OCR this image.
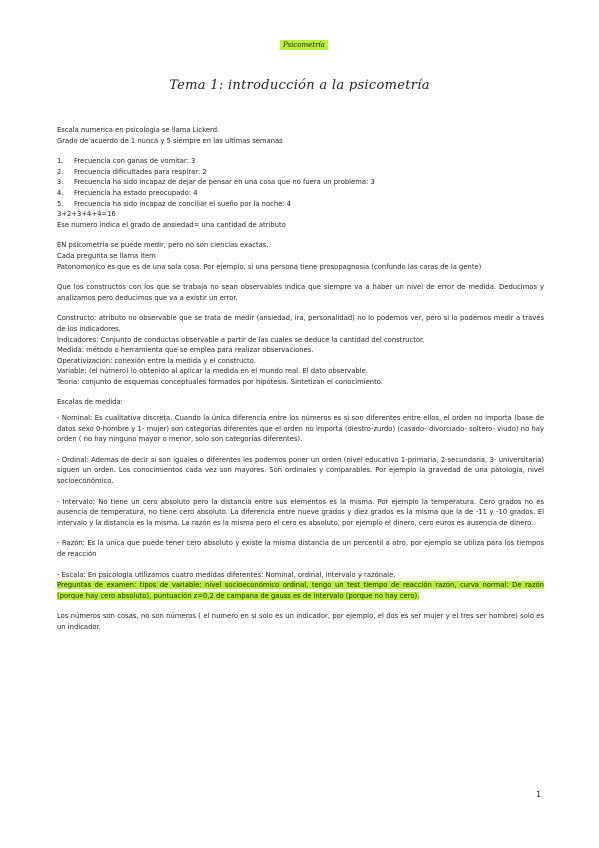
Psicometría
Tema 1: introducción a la psicometría

Escala numerica en psicologia se llama Lickerd.

Grado de acuerdo de 1 nunca y 5 siempre en las ultimas semanas

1. Frecuencia con ganas de vomitar: 3

2. Frecuencia dificultades para respirar: 2

3. Frecuencia ha sido incapaz de dejar de pensar en una cosa que no fuera un problema: 3

4. Frecuencia ha estado preocupado: 4

5. Frecuencia ha sido incapaz de conciliar el sueño por la noche: 4

3+2+3+4+4=16

Ese numero indica el grado de ansiedad= una cantidad de atributo

EN psicometria se puede medir, pero no son ciencias exactas.

Cada pregunta se llama item

Patonomonico es que es de una sola cosa. Por ejemplo, si una persona tiene prosopagnosia (confundo las caras de la gente)

Que los constructos con los que se trabaja no sean observables indica que siempre va a haber un nivel de error de medida. Deducimos y analizamos pero deducimos que va a existir un error.

Constructo: atributo no observable que se trata de medir (ansiedad, ira, personalidad) no lo podemos ver, pero si lo podemos medir a través de los indicadores.

Indicadores: Conjunto de conductas observable a partir de las cuales se deduce la cantidad del constructor.

Medida: método o herramienta que se emplea para realizar observaciones.

Operativización: conexión entre la medida y el constructo.

Variable: (el número) lo obtenido al aplicar la medida en el mundo real. El dato observable.

Teoria: conjunto de esquemas conceptuales formados por hipótesis. Sintetizan el conocimiento.

Escalas de medida:

- Nominal: Es cualitativa discreta. Cuando la única diferencia entre los números es si son diferentes entre ellos, el orden no importa (base de datos sexo 0-hombre y 1- mujer) son categorías diferentes que el orden no importa (diestro-zurdo) (casado- divorciado- soltero- viudo) no hay orden ( no hay ninguno mayor o menor, solo son categorías diferentes).

- Ordinal: Ademas de decir si son iguales o diferentes les podemos poner un orden (nivel educativo 1-primaria, 2-secundaria, 3- universitaria) siguen un orden. Los conocimientos cada vez son mayores. Son ordinales y comparables. Por ejemplo la gravedad de una patologia, nivel socioeconómico.

- Intervalo: No tiene un cero absoluto pero la distancia entre sus elementos es la misma. Por ejemplo la temperatura. Cero grados no es ausencia de temperatura, no tiene cero absoluto. La diferencia entre nueve grados y diez grados es la misma que la de -11 y -10 grados. El intervalo y la distancia es la misma. La razón es la misma pero el cero es absoluto, por ejemplo el dinero, cero euros es ausencia de dinero.

- Razón: Es la unica que puede tener cero absoluto y existe la misma distancia de un percentil a otro, por ejemplo se utiliza para los tiempos de reacción

- Escala: En psicologia utilizamos cuatro medidas diferentes: Nominal, ordinal, intervalo y razónale.

Preguntas de examen: tipos de variable: nivel socioeconómico ordinal, tengo un test tiempo de reacción razón, curva normal: De razón (porque hay cero absoluto), puntuación z=0,2 de campana de gauss es de intervalo (porque no hay cero).

Los números son cosas, no son números ( el numero en si solo es un indicador, por ejemplo, el dos es ser mujer y el tres ser hombre) solo es un indicador.

1
